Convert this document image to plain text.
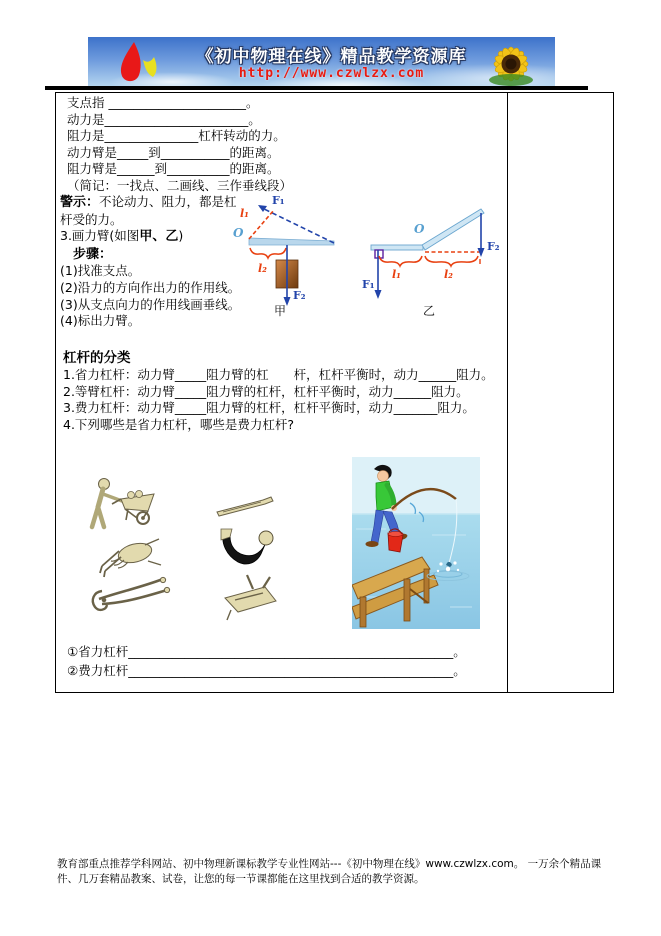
《初中物理在线》精品教学资源库
http://www.czwlzx.com
支点指 ______________________。
动力是_______________________。
阻力是_______________杠杆转动的力。
动力臂是_____到___________的距离。
阻力臂是______到__________的距离。
（简记：一找点、二画线、三作垂线段）
警示：不论动力、阻力，都是杠杆受的力。
3.画力臂(如图甲、乙)
　步骤：
(1)找准支点。
(2)沿力的方向作出力的作用线。
(3)从支点向力的作用线画垂线。
(4)标出力臂。
F₁
l₁
O
l₂
F₂
甲
O
F₁
l₁	l₂
F₂
乙
杠杆的分类
1.省力杠杆：动力臂_____阻力臂的杠　　杆，杠杆平衡时，动力______阻力。
2.等臂杠杆：动力臂_____阻力臂的杠杆，杠杆平衡时，动力______阻力。
3.费力杠杆：动力臂_____阻力臂的杠杆，杠杆平衡时，动力_______阻力。
4.下列哪些是省力杠杆，哪些是费力杠杆?
①省力杠杆____________________________________________________。
②费力杠杆____________________________________________________。
教育部重点推荐学科网站、初中物理新课标教学专业性网站---《初中物理在线》www.czwlzx.com。 一万余个精品课件、几万套精品教案、试卷，让您的每一节课都能在这里找到合适的教学资源。
